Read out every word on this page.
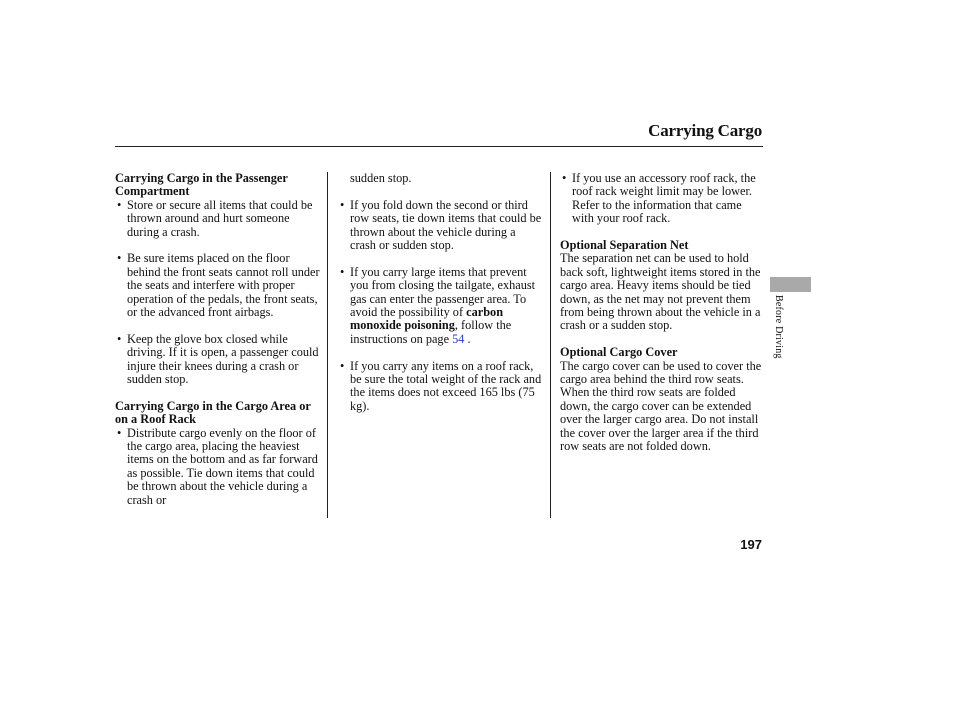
Carrying Cargo

Carrying Cargo in the Passenger Compartment

• Store or secure all items that could be thrown around and hurt someone during a crash.

• Be sure items placed on the floor behind the front seats cannot roll under the seats and interfere with proper operation of the pedals, the front seats, or the advanced front airbags.

• Keep the glove box closed while driving. If it is open, a passenger could injure their knees during a crash or sudden stop.

Carrying Cargo in the Cargo Area or on a Roof Rack

• Distribute cargo evenly on the floor of the cargo area, placing the heaviest items on the bottom and as far forward as possible. Tie down items that could be thrown about the vehicle during a crash or

sudden stop.

• If you fold down the second or third row seats, tie down items that could be thrown about the vehicle during a crash or sudden stop.

• If you carry large items that prevent you from closing the tailgate, exhaust gas can enter the passenger area. To avoid the possibility of carbon monoxide poisoning, follow the instructions on page 54 .

• If you carry any items on a roof rack, be sure the total weight of the rack and the items does not exceed 165 lbs (75 kg).

• If you use an accessory roof rack, the roof rack weight limit may be lower. Refer to the information that came with your roof rack.

Optional Separation Net

The separation net can be used to hold back soft, lightweight items stored in the cargo area. Heavy items should be tied down, as the net may not prevent them from being thrown about the vehicle in a crash or a sudden stop.

Optional Cargo Cover

The cargo cover can be used to cover the cargo area behind the third row seats. When the third row seats are folded down, the cargo cover can be extended over the larger cargo area. Do not install the cover over the larger area if the third row seats are not folded down.

Before Driving
197
